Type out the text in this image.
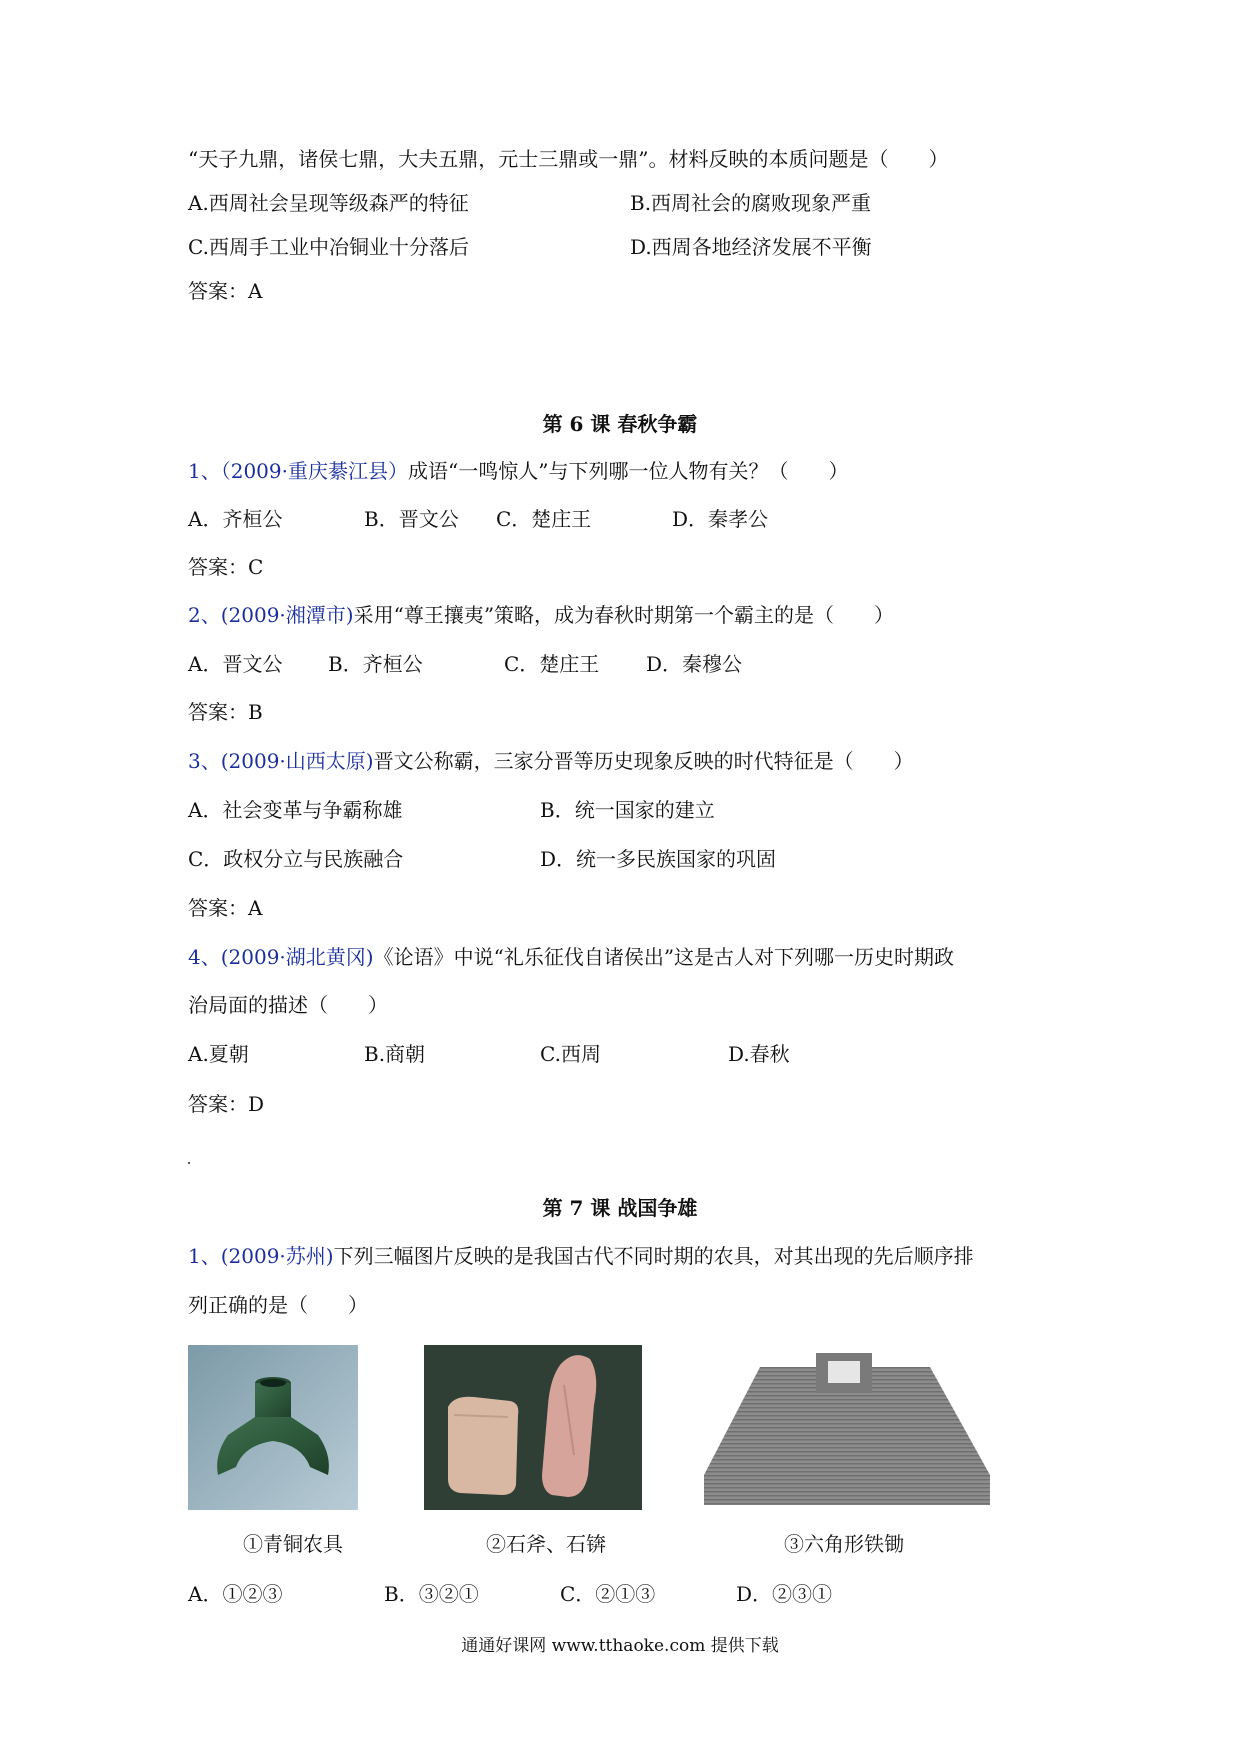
“天子九鼎，诸侯七鼎，大夫五鼎，元士三鼎或一鼎”。材料反映的本质问题是（　　）
A.西周社会呈现等级森严的特征	B.西周社会的腐败现象严重
C.西周手工业中冶铜业十分落后	D.西周各地经济发展不平衡
答案：A
第 6 课 春秋争霸
1、（2009·重庆綦江县）成语“一鸣惊人”与下列哪一位人物有关？（　　）
A．齐桓公	B．晋文公 C．楚庄王	D．秦孝公
答案：C
2、(2009·湘潭市)采用“尊王攘夷”策略，成为春秋时期第一个霸主的是（　　）
A．晋文公 B．齐桓公	C．楚庄王 D．秦穆公
答案：B
3、(2009·山西太原)晋文公称霸，三家分晋等历史现象反映的时代特征是（　　）
A．社会变革与争霸称雄	B．统一国家的建立
C．政权分立与民族融合	D．统一多民族国家的巩固
答案：A
4、(2009·湖北黄冈)《论语》中说“礼乐征伐自诸侯出”这是古人对下列哪一历史时期政
治局面的描述（　　）
A.夏朝	B.商朝	C.西周	D.春秋
答案：D
第 7 课 战国争雄
1、(2009·苏州)下列三幅图片反映的是我国古代不同时期的农具，对其出现的先后顺序排
列正确的是（　　）
①青铜农具	②石斧、石锛	③六角形铁锄
A．①②③	B．③②①	C．②①③	D．②③①
通通好课网 www.tthaoke.com 提供下载
